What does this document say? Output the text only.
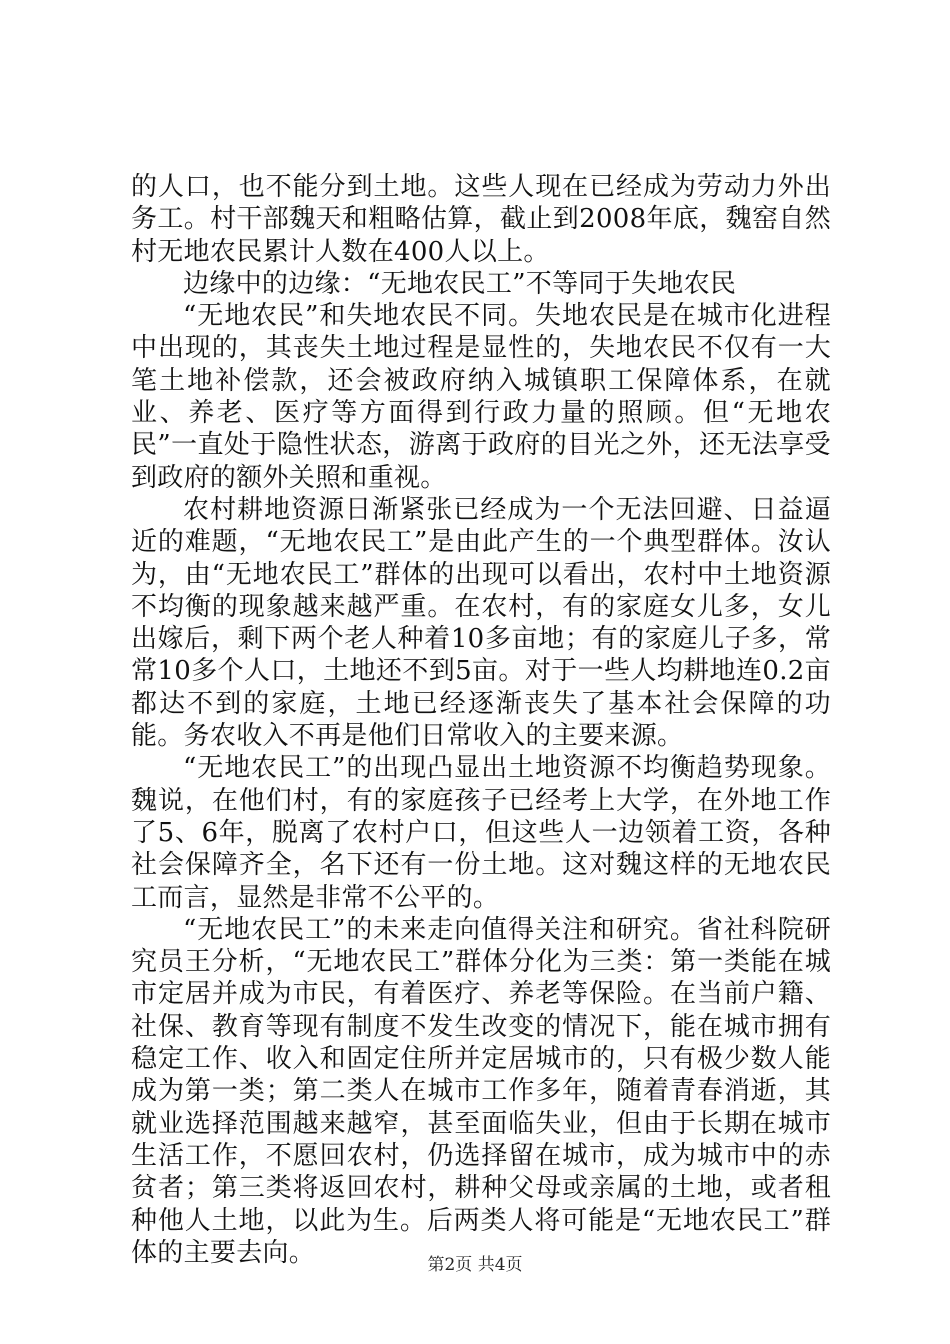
的人口，也不能分到土地。这些人现在已经成为劳动力外出务工。村干部魏天和粗略估算，截止到2008年底，魏窑自然村无地农民累计人数在400人以上。

边缘中的边缘：“无地农民工”不等同于失地农民

“无地农民”和失地农民不同。失地农民是在城市化进程中出现的，其丧失土地过程是显性的，失地农民不仅有一大笔土地补偿款，还会被政府纳入城镇职工保障体系，在就业、养老、医疗等方面得到行政力量的照顾。但“无地农民”一直处于隐性状态，游离于政府的目光之外，还无法享受到政府的额外关照和重视。

农村耕地资源日渐紧张已经成为一个无法回避、日益逼近的难题，“无地农民工”是由此产生的一个典型群体。汝认为，由“无地农民工”群体的出现可以看出，农村中土地资源不均衡的现象越来越严重。在农村，有的家庭女儿多，女儿出嫁后，剩下两个老人种着10多亩地；有的家庭儿子多，常常10多个人口，土地还不到5亩。对于一些人均耕地连0.2亩都达不到的家庭，土地已经逐渐丧失了基本社会保障的功能。务农收入不再是他们日常收入的主要来源。

“无地农民工”的出现凸显出土地资源不均衡趋势现象。魏说，在他们村，有的家庭孩子已经考上大学，在外地工作了5、6年，脱离了农村户口，但这些人一边领着工资，各种社会保障齐全，名下还有一份土地。这对魏这样的无地农民工而言，显然是非常不公平的。

“无地农民工”的未来走向值得关注和研究。省社科院研究员王分析，“无地农民工”群体分化为三类：第一类能在城市定居并成为市民，有着医疗、养老等保险。在当前户籍、社保、教育等现有制度不发生改变的情况下，能在城市拥有稳定工作、收入和固定住所并定居城市的，只有极少数人能成为第一类；第二类人在城市工作多年，随着青春消逝，其就业选择范围越来越窄，甚至面临失业，但由于长期在城市生活工作，不愿回农村，仍选择留在城市，成为城市中的赤贫者；第三类将返回农村，耕种父母或亲属的土地，或者租种他人土地，以此为生。后两类人将可能是“无地农民工”群体的主要去向。	第2页 共4页
